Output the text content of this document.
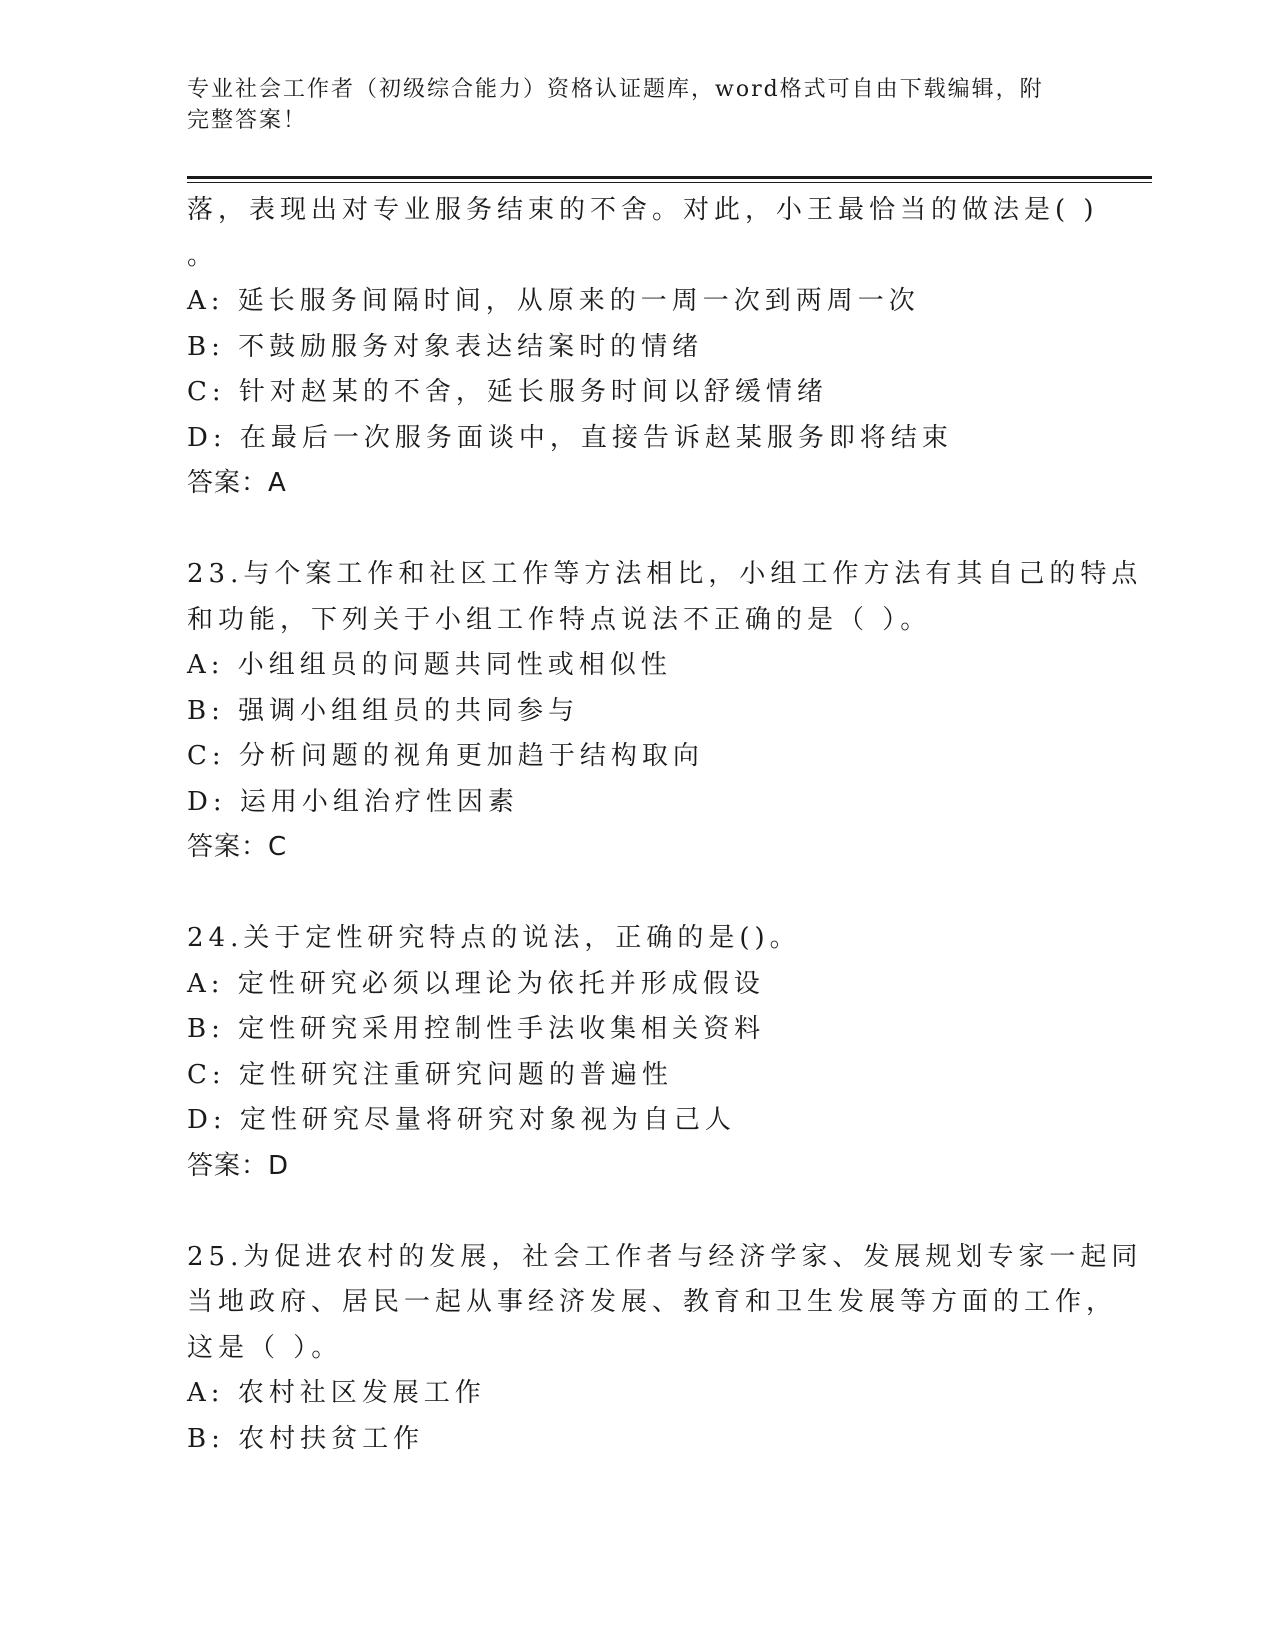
专业社会工作者（初级综合能力）资格认证题库，word格式可自由下载编辑，附完整答案！
落，表现出对专业服务结束的不舍。对此，小王最恰当的做法是( )
。
A: 延长服务间隔时间，从原来的一周一次到两周一次
B: 不鼓励服务对象表达结案时的情绪
C: 针对赵某的不舍，延长服务时间以舒缓情绪
D: 在最后一次服务面谈中，直接告诉赵某服务即将结束
答案：A
23.与个案工作和社区工作等方法相比，小组工作方法有其自己的特点
和功能，下列关于小组工作特点说法不正确的是（ ）。
A: 小组组员的问题共同性或相似性
B: 强调小组组员的共同参与
C: 分析问题的视角更加趋于结构取向
D: 运用小组治疗性因素
答案：C
24.关于定性研究特点的说法，正确的是()。
A: 定性研究必须以理论为依托并形成假设
B: 定性研究采用控制性手法收集相关资料
C: 定性研究注重研究问题的普遍性
D: 定性研究尽量将研究对象视为自己人
答案：D
25.为促进农村的发展，社会工作者与经济学家、发展规划专家一起同
当地政府、居民一起从事经济发展、教育和卫生发展等方面的工作，
这是（ ）。
A: 农村社区发展工作
B: 农村扶贫工作
